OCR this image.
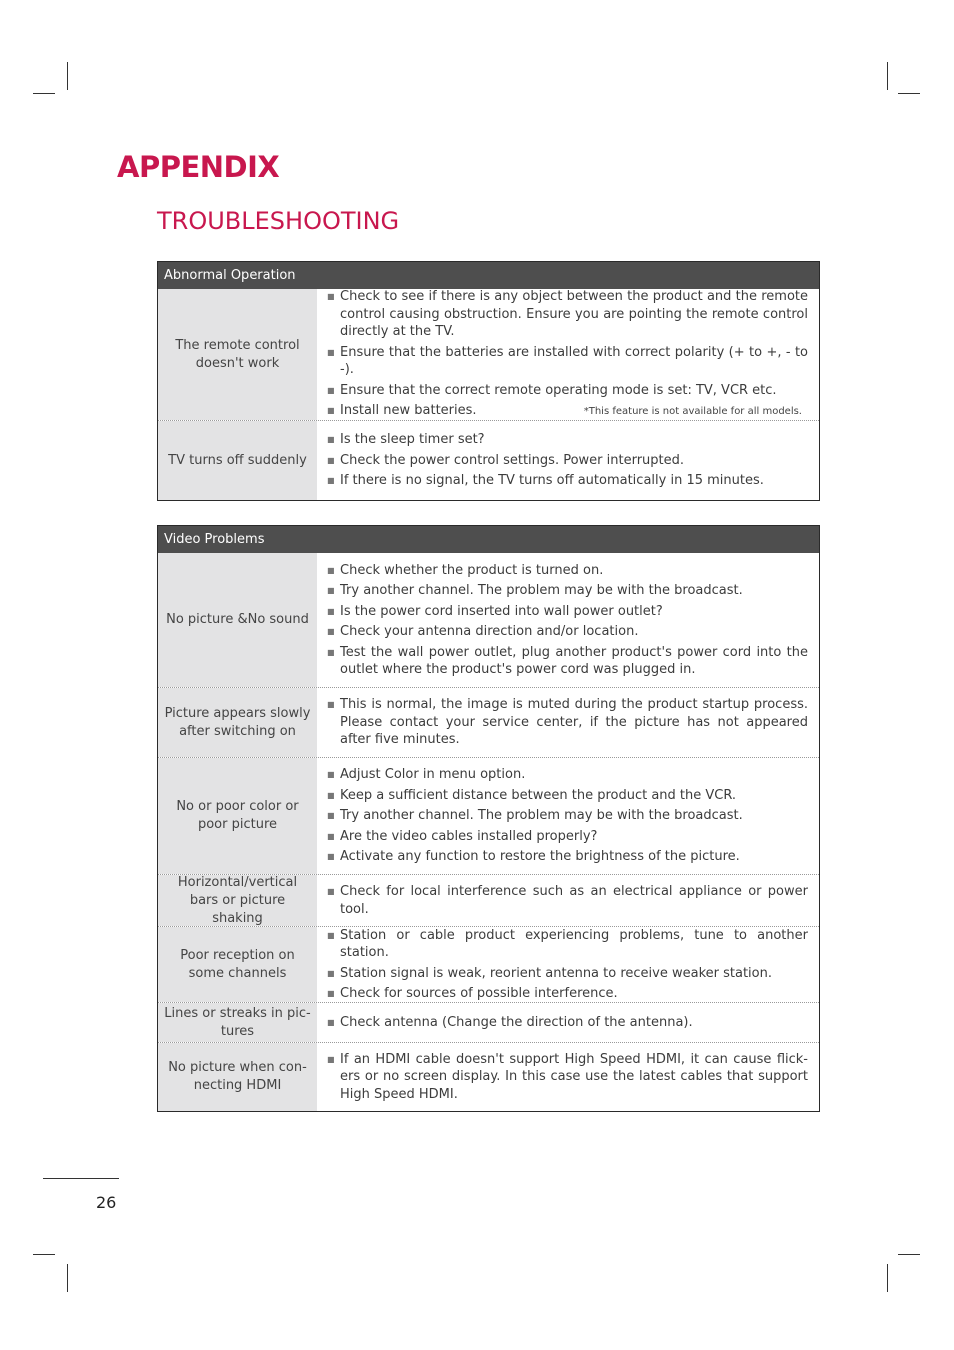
APPENDIX
TROUBLESHOOTING
Abnormal Operation
The remote control doesn't work
■ Check to see if there is any object between the product and the remote control causing obstruction. Ensure you are pointing the remote control directly at the TV.
■ Ensure that the batteries are installed with correct polarity (+ to +, - to -).
■ Ensure that the correct remote operating mode is set: TV, VCR etc.
■ Install new batteries.	*This feature is not available for all models.
TV turns off suddenly
■ Is the sleep timer set?
■ Check the power control settings. Power interrupted.
■ If there is no signal, the TV turns off automatically in 15 minutes.
Video Problems
No picture &No sound
■ Check whether the product is turned on.
■ Try another channel. The problem may be with the broadcast.
■ Is the power cord inserted into wall power outlet?
■ Check your antenna direction and/or location.
■ Test the wall power outlet, plug another product's power cord into the outlet where the product's power cord was plugged in.
Picture appears slowly after switching on
■ This is normal, the image is muted during the product startup process. Please contact your service center, if the picture has not appeared after five minutes.
No or poor color or poor picture
■ Adjust Color in menu option.
■ Keep a sufficient distance between the product and the VCR.
■ Try another channel. The problem may be with the broadcast.
■ Are the video cables installed properly?
■ Activate any function to restore the brightness of the picture.
Horizontal/vertical bars or picture shaking
■ Check for local interference such as an electrical appliance or power tool.
Poor reception on some channels
■ Station or cable product experiencing problems, tune to another station.
■ Station signal is weak, reorient antenna to receive weaker station.
■ Check for sources of possible interference.
Lines or streaks in pic-tures
■ Check antenna (Change the direction of the antenna).
No picture when con-necting HDMI
■ If an HDMI cable doesn't support High Speed HDMI, it can cause flick-ers or no screen display. In this case use the latest cables that support High Speed HDMI.
26
